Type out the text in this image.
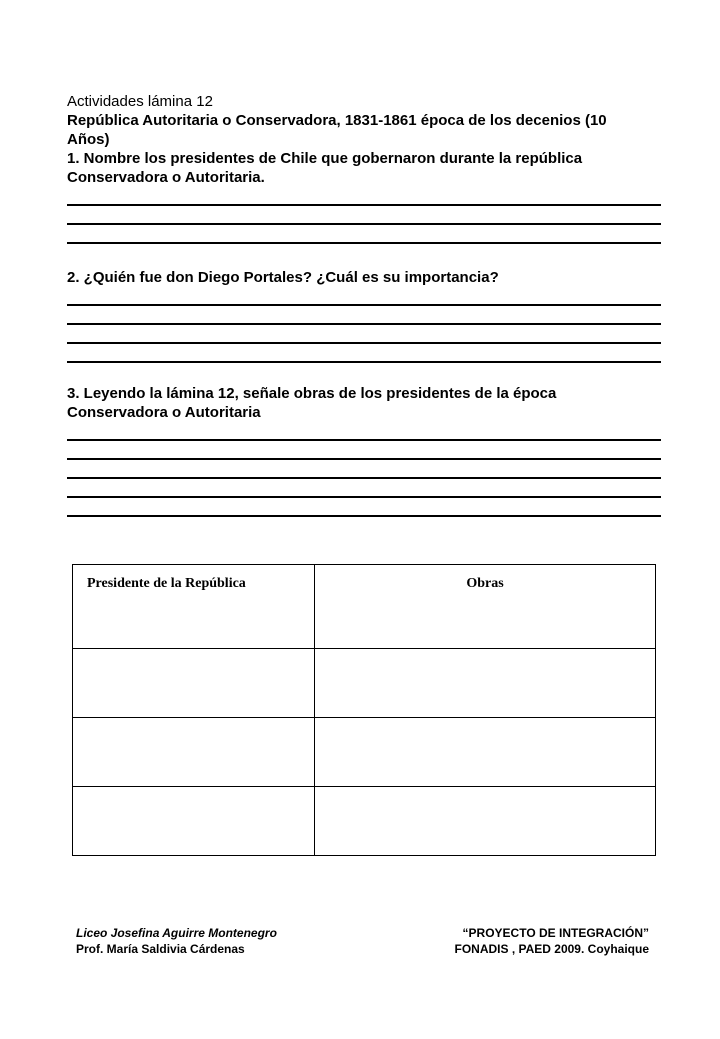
Actividades lámina 12
República Autoritaria o Conservadora, 1831-1861 época de los decenios (10
Años)
1. Nombre los presidentes de Chile que gobernaron durante la república
Conservadora o Autoritaria.
2. ¿Quién fue don Diego Portales? ¿Cuál es su importancia?
3. Leyendo la lámina 12, señale obras de los presidentes de la época
Conservadora o Autoritaria
Presidente de la República	Obras

Liceo Josefina Aguirre Montenegro
Prof. María Saldivia Cárdenas
“PROYECTO DE INTEGRACIÓN”
FONADIS , PAED 2009. Coyhaique
